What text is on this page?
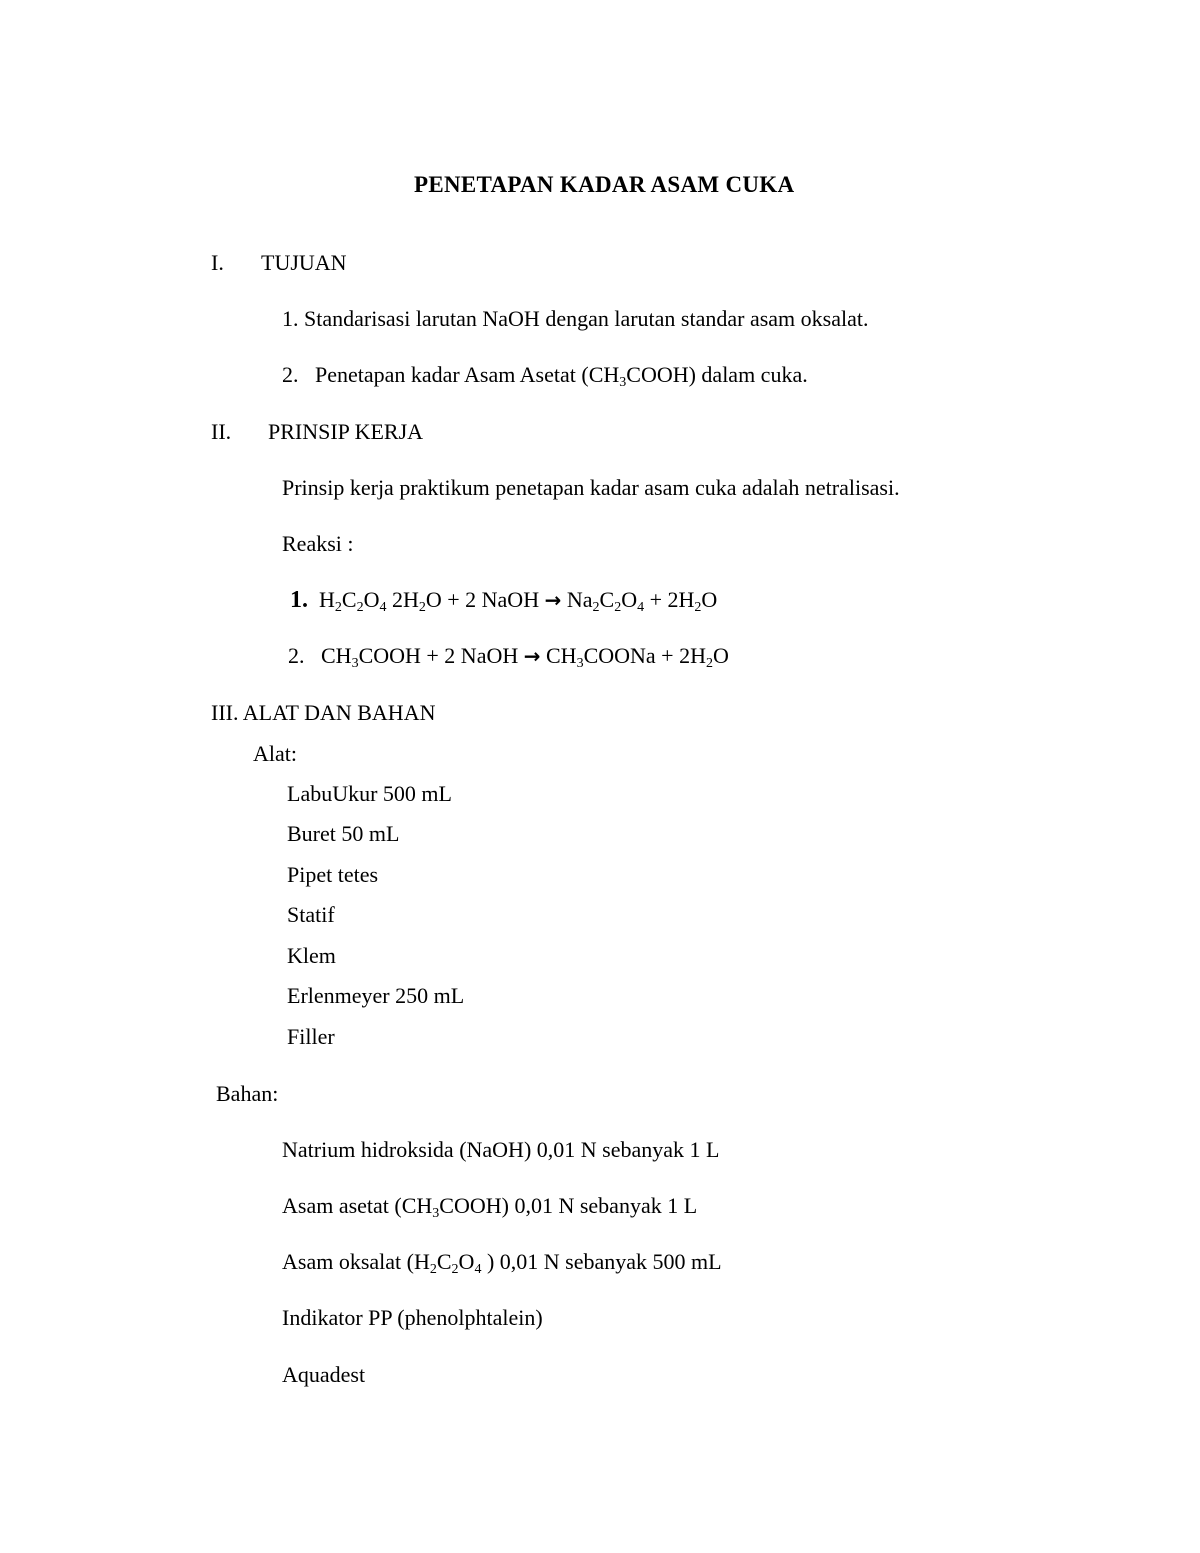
PENETAPAN KADAR ASAM CUKA
I. TUJUAN
1. Standarisasi larutan NaOH dengan larutan standar asam oksalat.
2. Penetapan kadar Asam Asetat $(CH_3COOH)$ dalam cuka.
II. PRINSIP KERJA
Prinsip kerja praktikum penetapan kadar asam cuka adalah netralisasi.
Reaksi :
1. $H_2C_2O_4$ $2H_2O + 2$ NaOH → $Na_2C_2O_4 + 2H_2O$
2. $CH_3COOH + 2$ NaOH → $CH_3COONa + 2H_2O$
III. ALAT DAN BAHAN
Alat:
LabuUkur 500 mL
Buret 50 mL
Pipet tetes
Statif
Klem
Erlenmeyer 250 mL
Filler
Bahan:
Natrium hidroksida (NaOH) 0,01 N sebanyak 1 L
Asam asetat $(CH_3COOH)$ 0,01 N sebanyak 1 L
Asam oksalat ($H_2C_2O_4$ ) 0,01 N sebanyak 500 mL
Indikator PP (phenolphtalein)
Aquadest
